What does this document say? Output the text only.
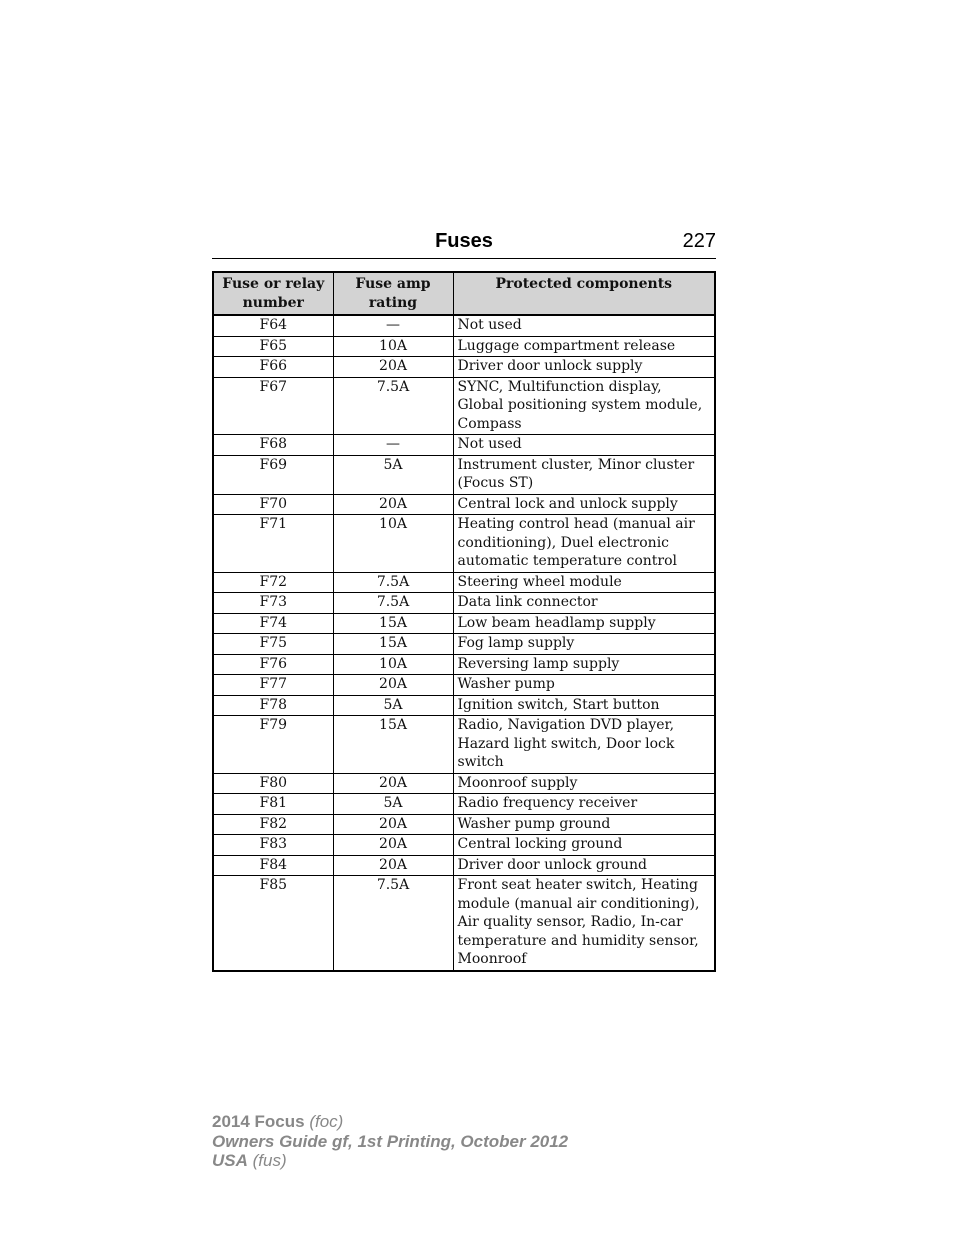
Fuses	227
Fuse or relay number	Fuse amp rating	Protected components
F64	—	Not used
F65	10A	Luggage compartment release
F66	20A	Driver door unlock supply
F67	7.5A	SYNC, Multifunction display, Global positioning system module, Compass
F68	—	Not used
F69	5A	Instrument cluster, Minor cluster (Focus ST)
F70	20A	Central lock and unlock supply
F71	10A	Heating control head (manual air conditioning), Duel electronic automatic temperature control
F72	7.5A	Steering wheel module
F73	7.5A	Data link connector
F74	15A	Low beam headlamp supply
F75	15A	Fog lamp supply
F76	10A	Reversing lamp supply
F77	20A	Washer pump
F78	5A	Ignition switch, Start button
F79	15A	Radio, Navigation DVD player, Hazard light switch, Door lock switch
F80	20A	Moonroof supply
F81	5A	Radio frequency receiver
F82	20A	Washer pump ground
F83	20A	Central locking ground
F84	20A	Driver door unlock ground
F85	7.5A	Front seat heater switch, Heating module (manual air conditioning), Air quality sensor, Radio, In-car temperature and humidity sensor, Moonroof
2014 Focus (foc)
Owners Guide gf, 1st Printing, October 2012
USA (fus)
